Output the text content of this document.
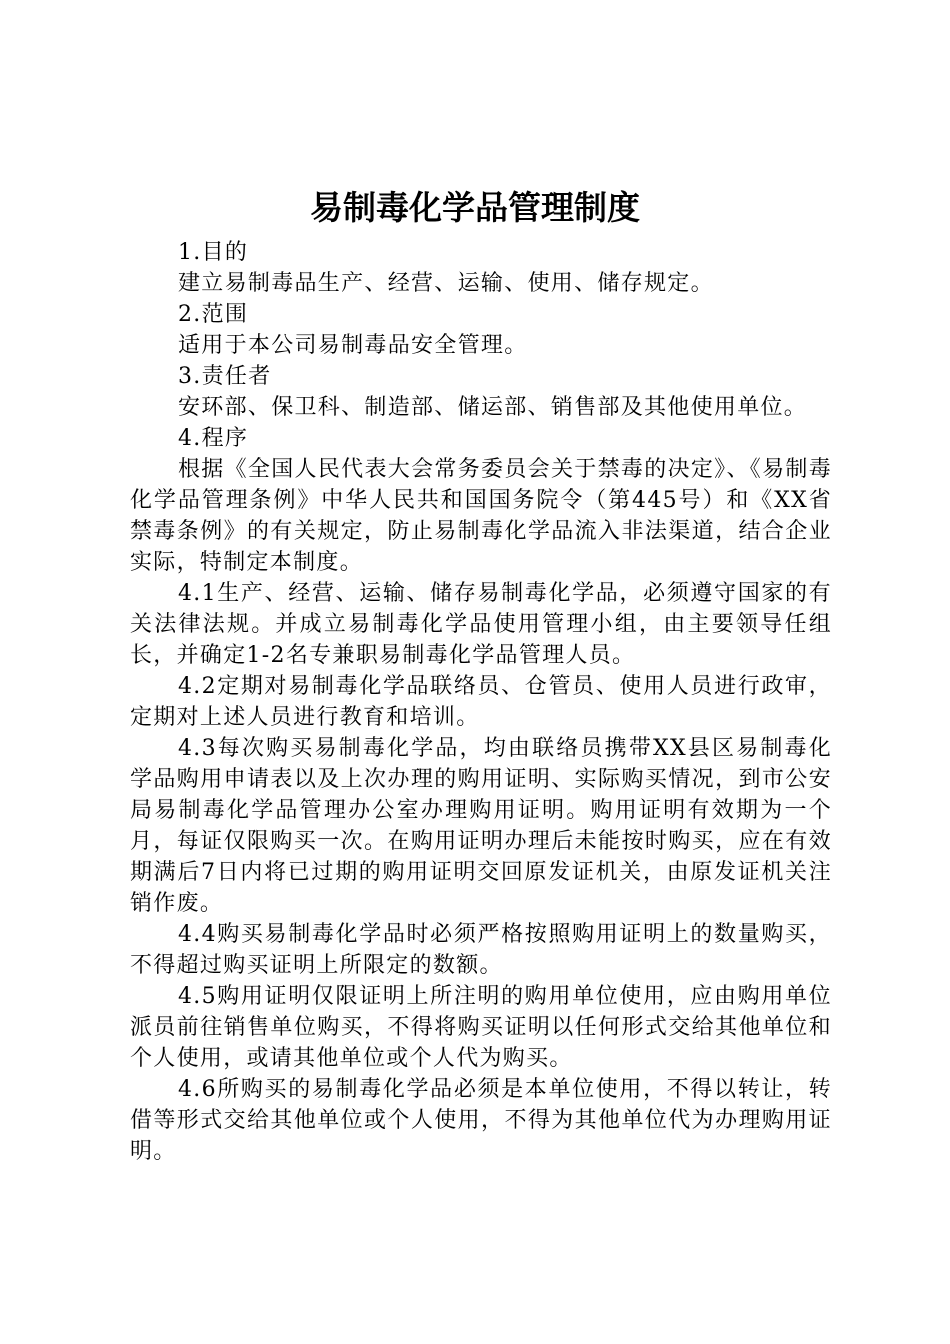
易制毒化学品管理制度

1.目的

建立易制毒品生产、经营、运输、使用、储存规定。

2.范围

适用于本公司易制毒品安全管理。

3.责任者

安环部、保卫科、制造部、储运部、销售部及其他使用单位。

4.程序

根据《全国人民代表大会常务委员会关于禁毒的决定》、《易制毒化学品管理条例》中华人民共和国国务院令（第445号）和《XX省禁毒条例》的有关规定，防止易制毒化学品流入非法渠道，结合企业实际，特制定本制度。

4.1生产、经营、运输、储存易制毒化学品，必须遵守国家的有关法律法规。并成立易制毒化学品使用管理小组，由主要领导任组长，并确定1-2名专兼职易制毒化学品管理人员。

4.2定期对易制毒化学品联络员、仓管员、使用人员进行政审，定期对上述人员进行教育和培训。

4.3每次购买易制毒化学品，均由联络员携带XX县区易制毒化学品购用申请表以及上次办理的购用证明、实际购买情况，到市公安局易制毒化学品管理办公室办理购用证明。购用证明有效期为一个月，每证仅限购买一次。在购用证明办理后未能按时购买，应在有效期满后7日内将已过期的购用证明交回原发证机关，由原发证机关注销作废。

4.4购买易制毒化学品时必须严格按照购用证明上的数量购买，不得超过购买证明上所限定的数额。

4.5购用证明仅限证明上所注明的购用单位使用，应由购用单位派员前往销售单位购买，不得将购买证明以任何形式交给其他单位和个人使用，或请其他单位或个人代为购买。

4.6所购买的易制毒化学品必须是本单位使用，不得以转让，转借等形式交给其他单位或个人使用，不得为其他单位代为办理购用证明。
